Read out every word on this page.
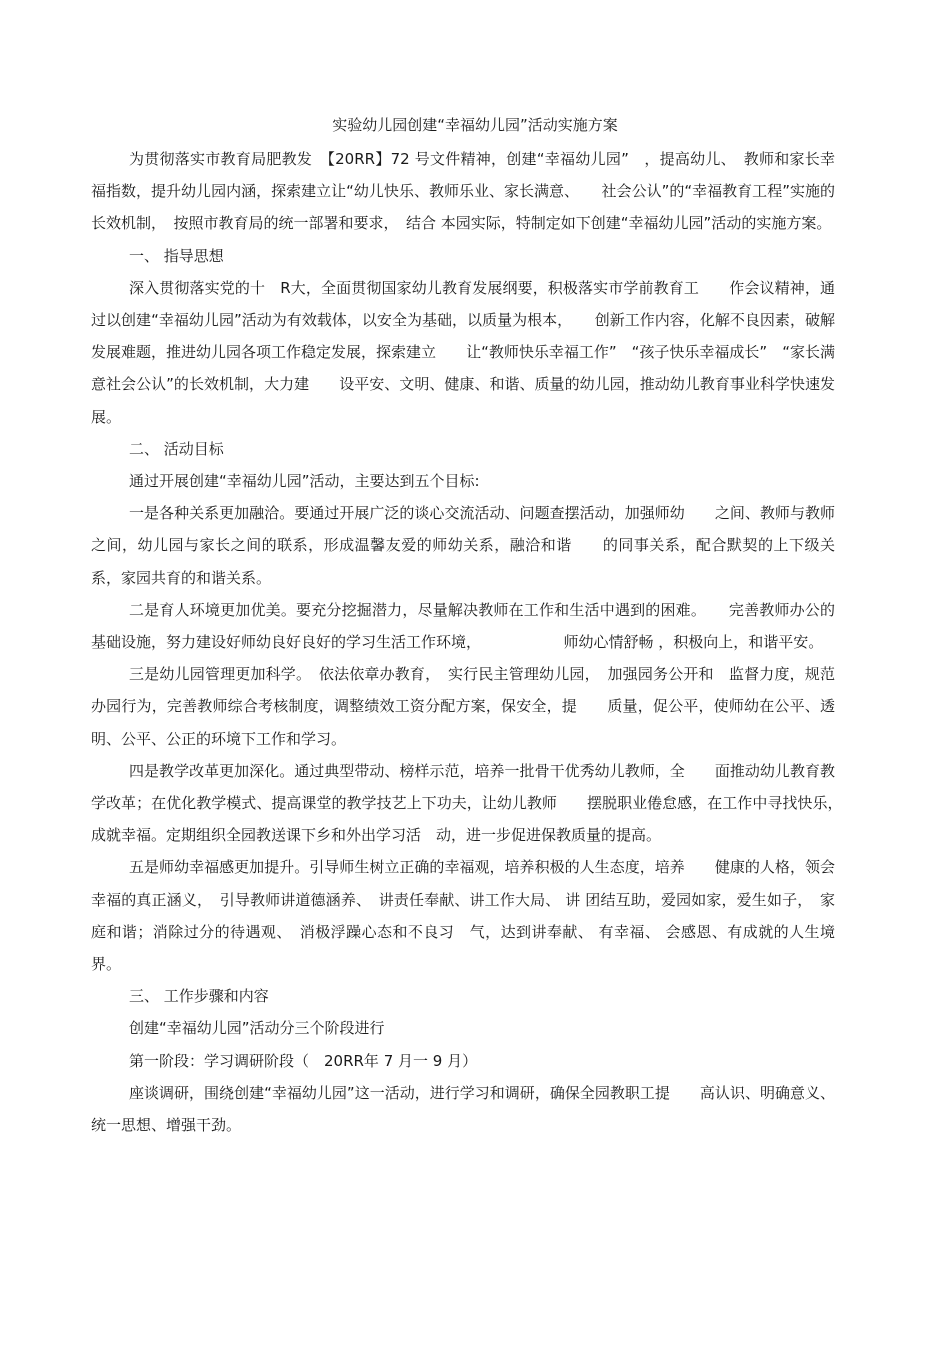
实验幼儿园创建“幸福幼儿园”活动实施方案

为贯彻落实市教育局肥教发　【20RR】72 号文件精神，创建“幸福幼儿园”　，提高幼儿、　教师和家长幸福指数，提升幼儿园内涵，探索建立让“幼儿快乐、教师乐业、家长满意、　　社会公认”的“幸福教育工程”实施的长效机制，　按照市教育局的统一部署和要求，　结合 本园实际，特制定如下创建“幸福幼儿园”活动的实施方案。

一、 指导思想

深入贯彻落实党的十　R大，全面贯彻国家幼儿教育发展纲要，积极落实市学前教育工　　作会议精神，通过以创建“幸福幼儿园”活动为有效载体，以安全为基础，以质量为根本，　　创新工作内容，化解不良因素，破解发展难题，推进幼儿园各项工作稳定发展，探索建立　　让“教师快乐幸福工作”　“孩子快乐幸福成长”　“家长满意社会公认”的长效机制，大力建　　设平安、文明、健康、和谐、质量的幼儿园，推动幼儿教育事业科学快速发展。

二、 活动目标

通过开展创建“幸福幼儿园”活动，主要达到五个目标:

一是各种关系更加融洽。要通过开展广泛的谈心交流活动、问题查摆活动，加强师幼　　之间、教师与教师之间，幼儿园与家长之间的联系，形成温馨友爱的师幼关系，融洽和谐　　的同事关系，配合默契的上下级关系，家园共育的和谐关系。

二是育人环境更加优美。要充分挖掘潜力，尽量解决教师在工作和生活中遇到的困难。　　完善教师办公的基础设施，努力建设好师幼良好良好的学习生活工作环境，　　　　　　师幼心情舒畅 ，积极向上，和谐平安。

三是幼儿园管理更加科学。　依法依章办教育，　实行民主管理幼儿园，　加强园务公开和　监督力度，规范办园行为，完善教师综合考核制度，调整绩效工资分配方案，保安全，提　　质量，促公平，使师幼在公平、透明、公平、公正的环境下工作和学习。

四是教学改革更加深化。通过典型带动、榜样示范，培养一批骨干优秀幼儿教师，全　　面推动幼儿教育教学改革；在优化教学模式、提高课堂的教学技艺上下功夫，让幼儿教师　　摆脱职业倦怠感，在工作中寻找快乐，　成就幸福。定期组织全园教送课下乡和外出学习活　动，进一步促进保教质量的提高。

五是师幼幸福感更加提升。引导师生树立正确的幸福观，培养积极的人生态度，培养　　健康的人格，领会幸福的真正涵义，　引导教师讲道德涵养、　讲责任奉献、讲工作大局、 讲 团结互助，爱园如家，爱生如子，　家庭和谐；消除过分的待遇观、　消极浮躁心态和不良习　气，达到讲奉献、 有幸福、 会感恩、有成就的人生境界。

三、 工作步骤和内容

创建“幸福幼儿园”活动分三个阶段进行

第一阶段：学习调研阶段（　20RR年 7 月一 9 月）

座谈调研，围绕创建“幸福幼儿园”这一活动，进行学习和调研，确保全园教职工提　　高认识、明确意义、统一思想、增强干劲。
